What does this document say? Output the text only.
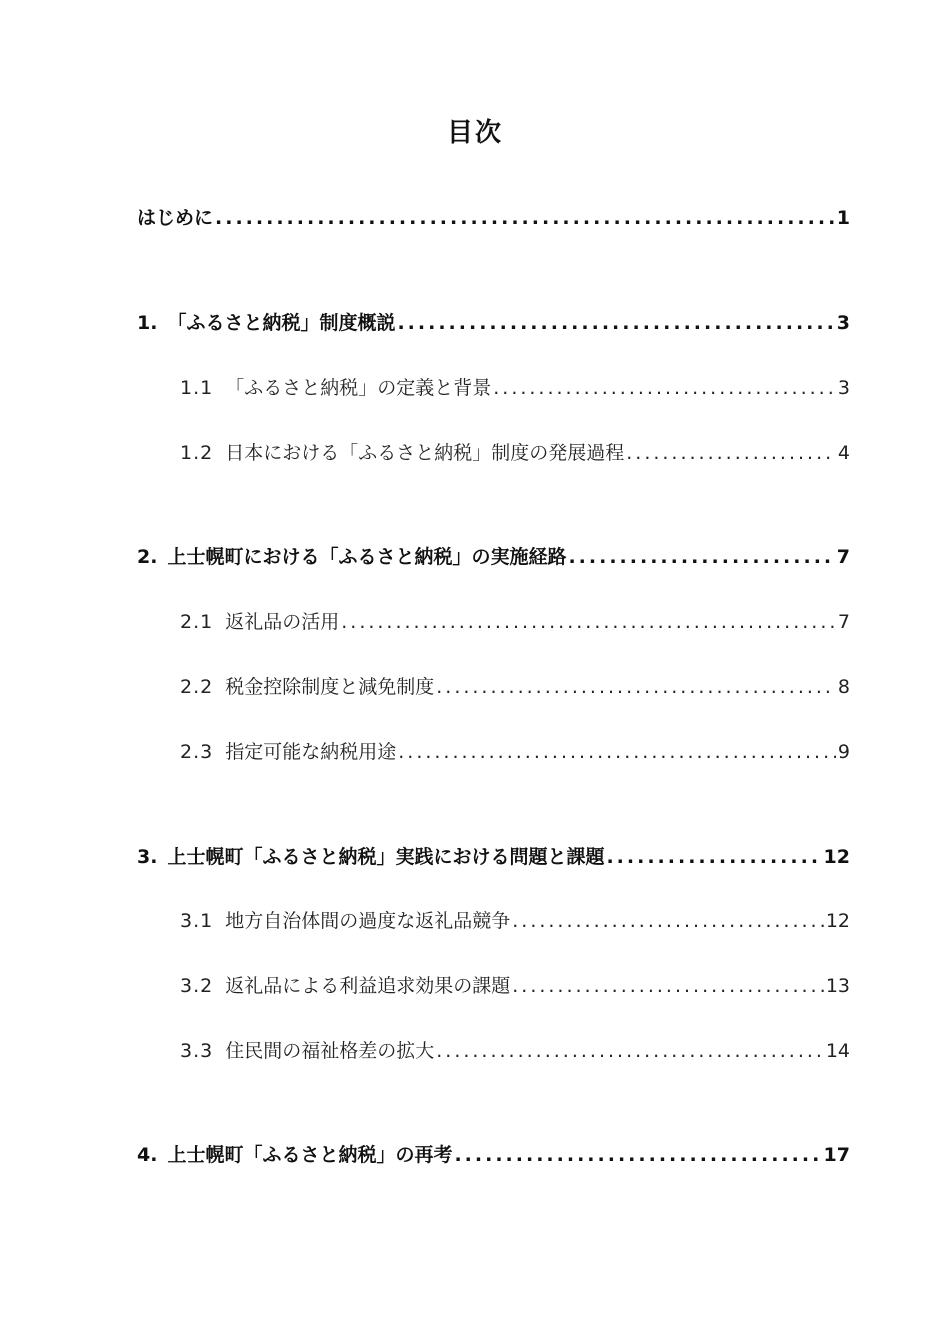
目次
はじめに .....	1
1. 「ふるさと納税」制度概説 .....	3
1.1 「ふるさと納税」の定義と背景 .....	3
1.2 日本における「ふるさと納税」制度の発展過程 .....	4
2. 上士幌町における「ふるさと納税」の実施経路 .....	7
2.1 返礼品の活用 .....	7
2.2 税金控除制度と減免制度 .....	8
2.3 指定可能な納税用途 .....	9
3. 上士幌町「ふるさと納税」実践における問題と課題 .....	12
3.1 地方自治体間の過度な返礼品競争 .....	12
3.2 返礼品による利益追求効果の課題 .....	13
3.3 住民間の福祉格差の拡大 .....	14
4. 上士幌町「ふるさと納税」の再考 .....	17
